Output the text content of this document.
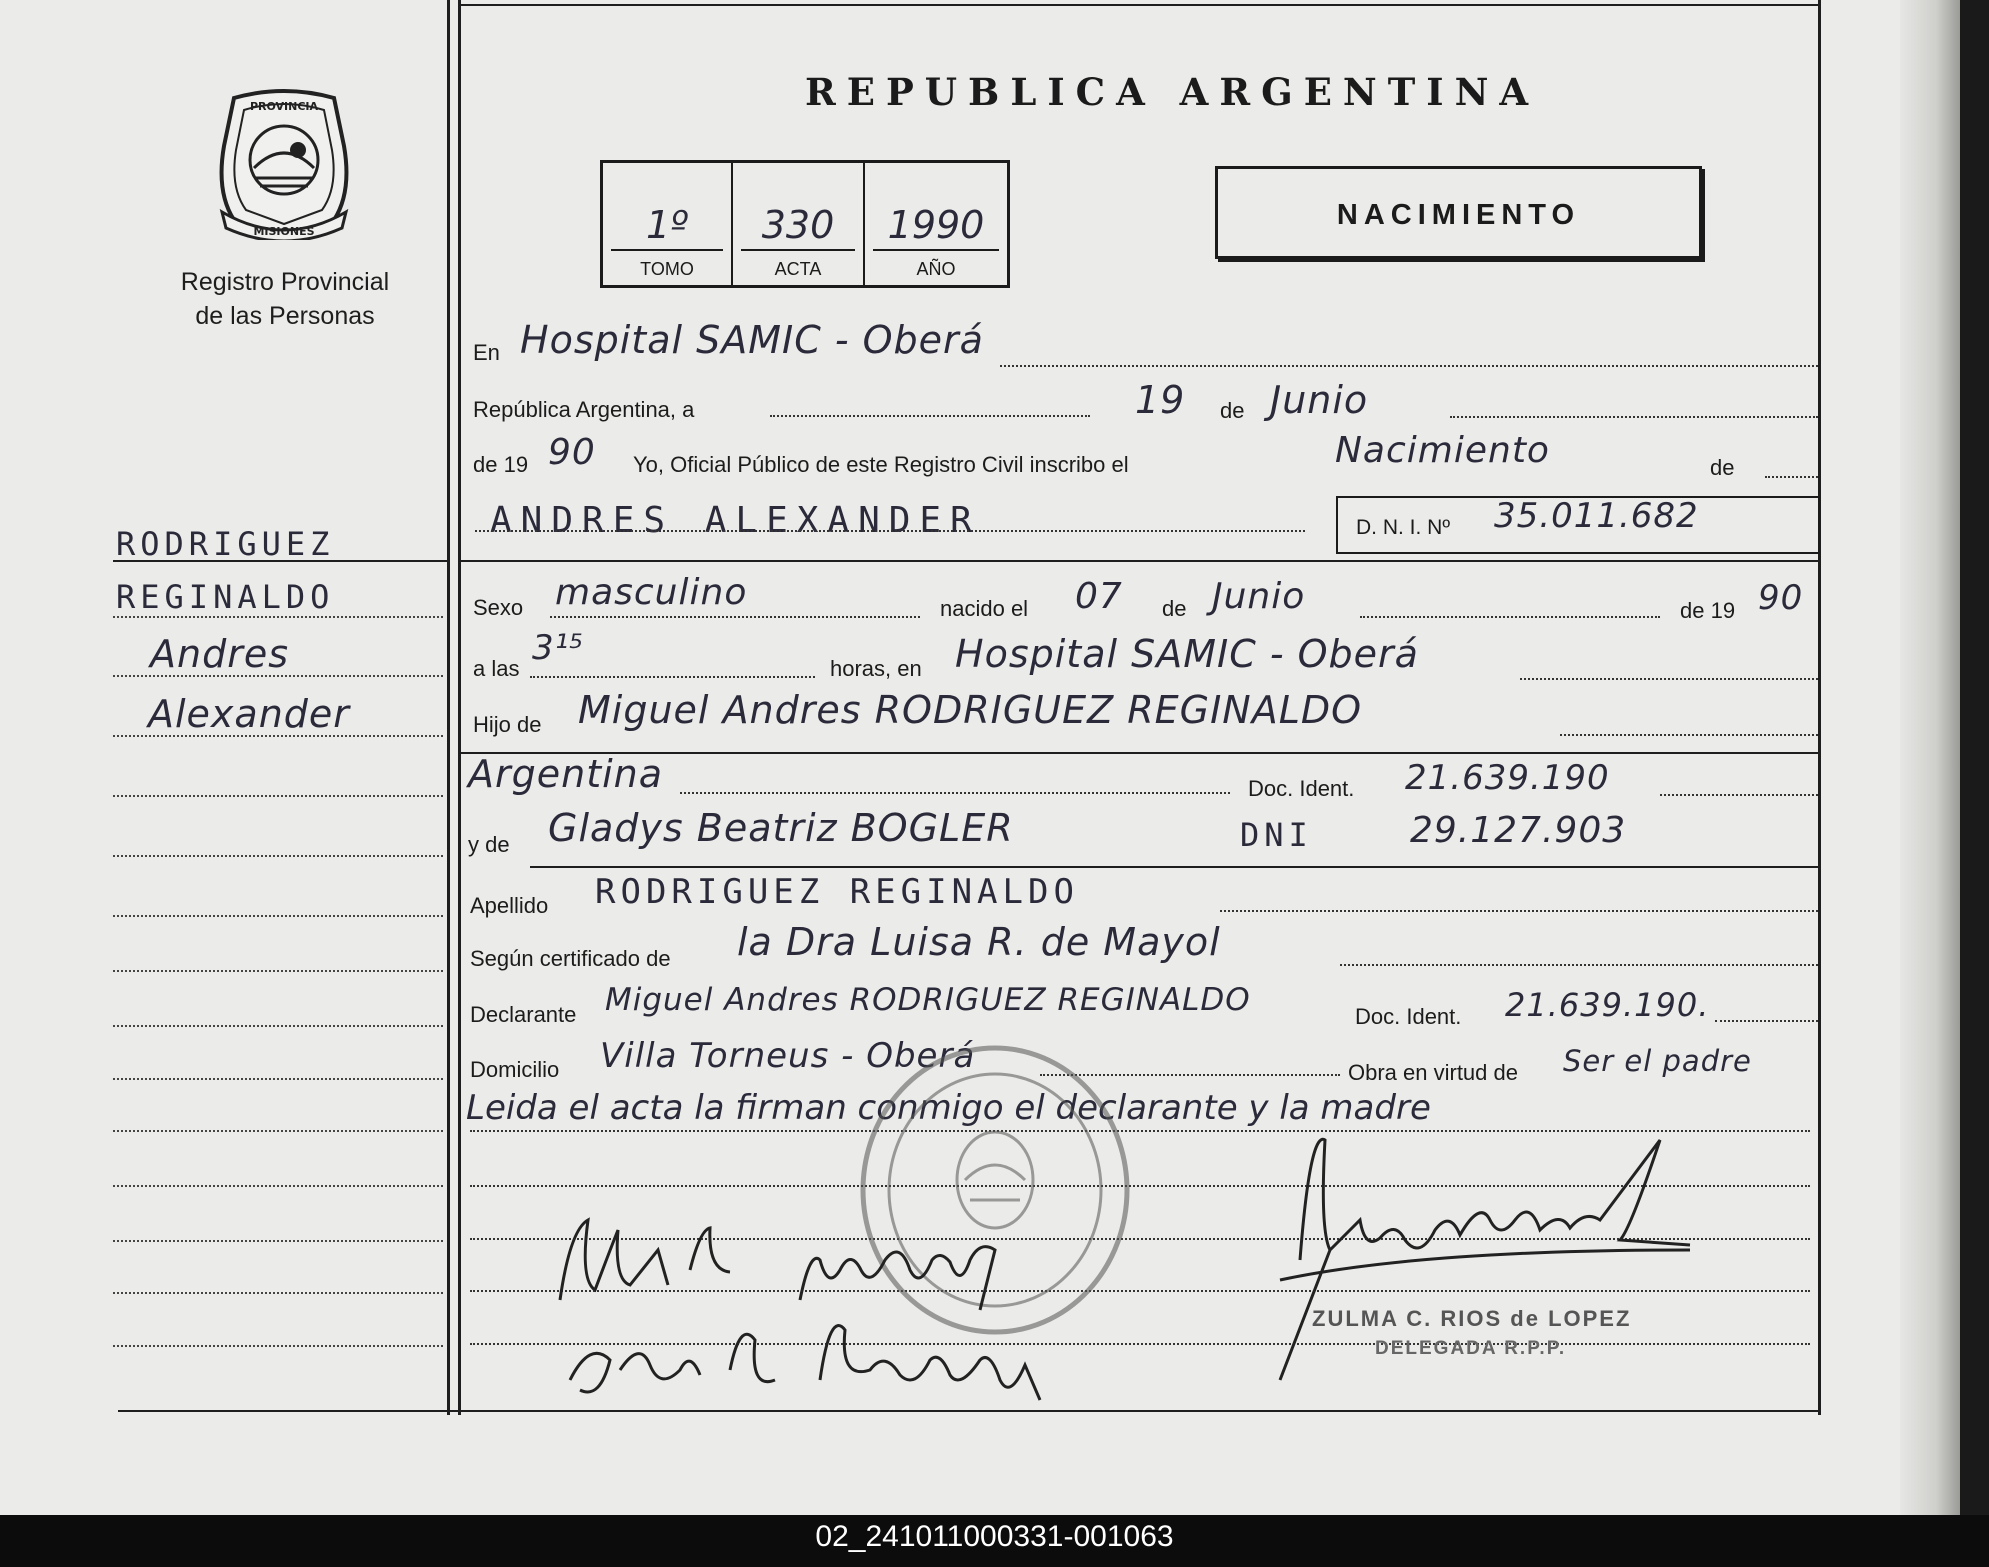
REPUBLICA ARGENTINA
1º
TOMO
330
ACTA
1990
AÑO
NACIMIENTO
PROVINCIA
MISIONES
Registro Provincial
de las Personas
RODRIGUEZ
REGINALDO
Andres
Alexander
En Hospital SAMIC - Oberá
República Argentina, a	19 de Junio
de 19 90 Yo, Oficial Público de este Registro Civil inscribo el	Nacimiento	de
ANDRES ALEXANDER	D. N. I. Nº 35.011.682
Sexo masculino	nacido el 07 de Junio	de 19 90
a las
3¹⁵
horas, en Hospital SAMIC - Oberá
Hijo de Miguel Andres RODRIGUEZ REGINALDO
Argentina	Doc. Ident. 21.639.190
y de Gladys Beatriz BOGLER	DNI	29.127.903
Apellido RODRIGUEZ REGINALDO
Según certificado de la Dra Luisa R. de Mayol
Declarante Miguel Andres RODRIGUEZ REGINALDO	Doc. Ident. 21.639.190.
Domicilio Villa Torneus - Oberá	Obra en virtud de Ser el padre
Leida el acta la firman conmigo el declarante y la madre
ZULMA C. RIOS de LOPEZ
DELEGADA R.P.P.
02_241011000331-001063
